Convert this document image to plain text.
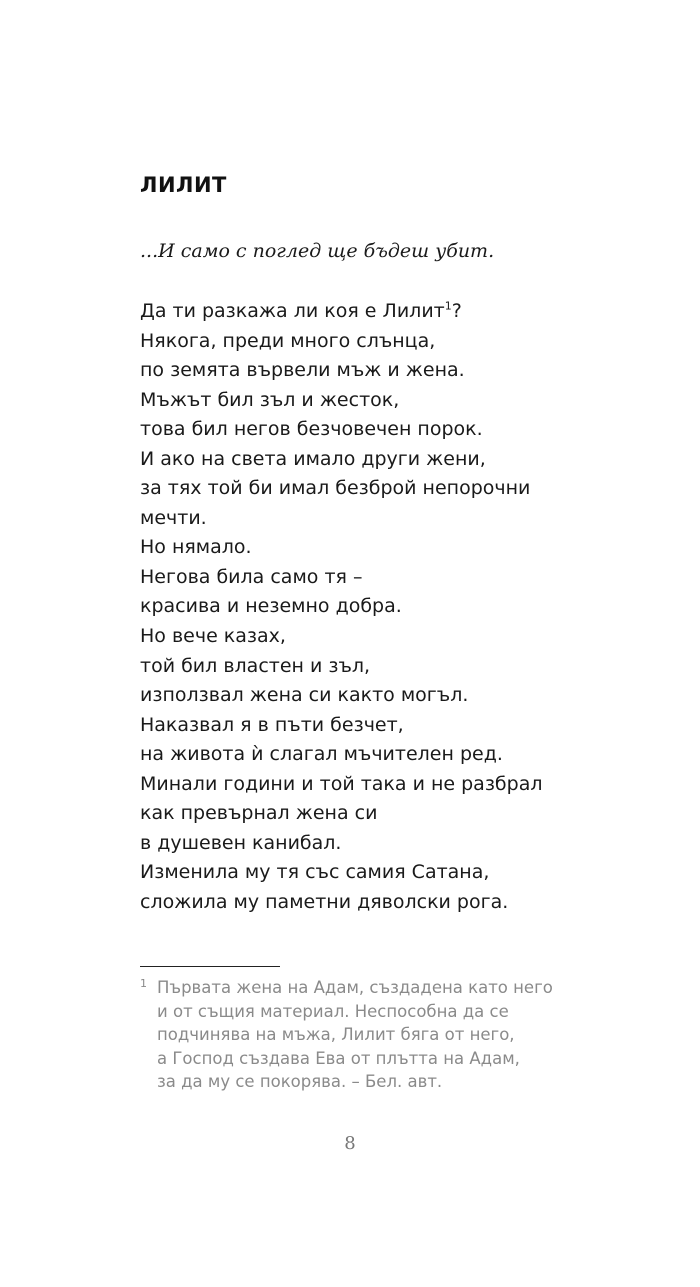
ЛИЛИТ

...И само с поглед ще бъдеш убит.

Да ти разкажа ли коя е Лилит$^1$?
Някога, преди много слънца,
по земята вървели мъж и жена.
Мъжът бил зъл и жесток,
това бил негов безчовечен порок.
И ако на света имало други жени,
за тях той би имал безброй непорочни
мечти.
Но нямало.
Негова била само тя –
красива и неземно добра.
Но вече казах,
той бил властен и зъл,
използвал жена си както могъл.
Наказвал я в пъти безчет,
на живота ѝ слагал мъчителен ред.
Минали години и той така и не разбрал
как превърнал жена си
в душевен канибал.
Изменила му тя със самия Сатана,
сложила му паметни дяволски рога.
1 Първата жена на Адам, създадена като него
и от същия материал. Неспособна да се
подчинява на мъжа, Лилит бяга от него,
а Господ създава Ева от плътта на Адам,
за да му се покорява. – Бел. авт.
8
